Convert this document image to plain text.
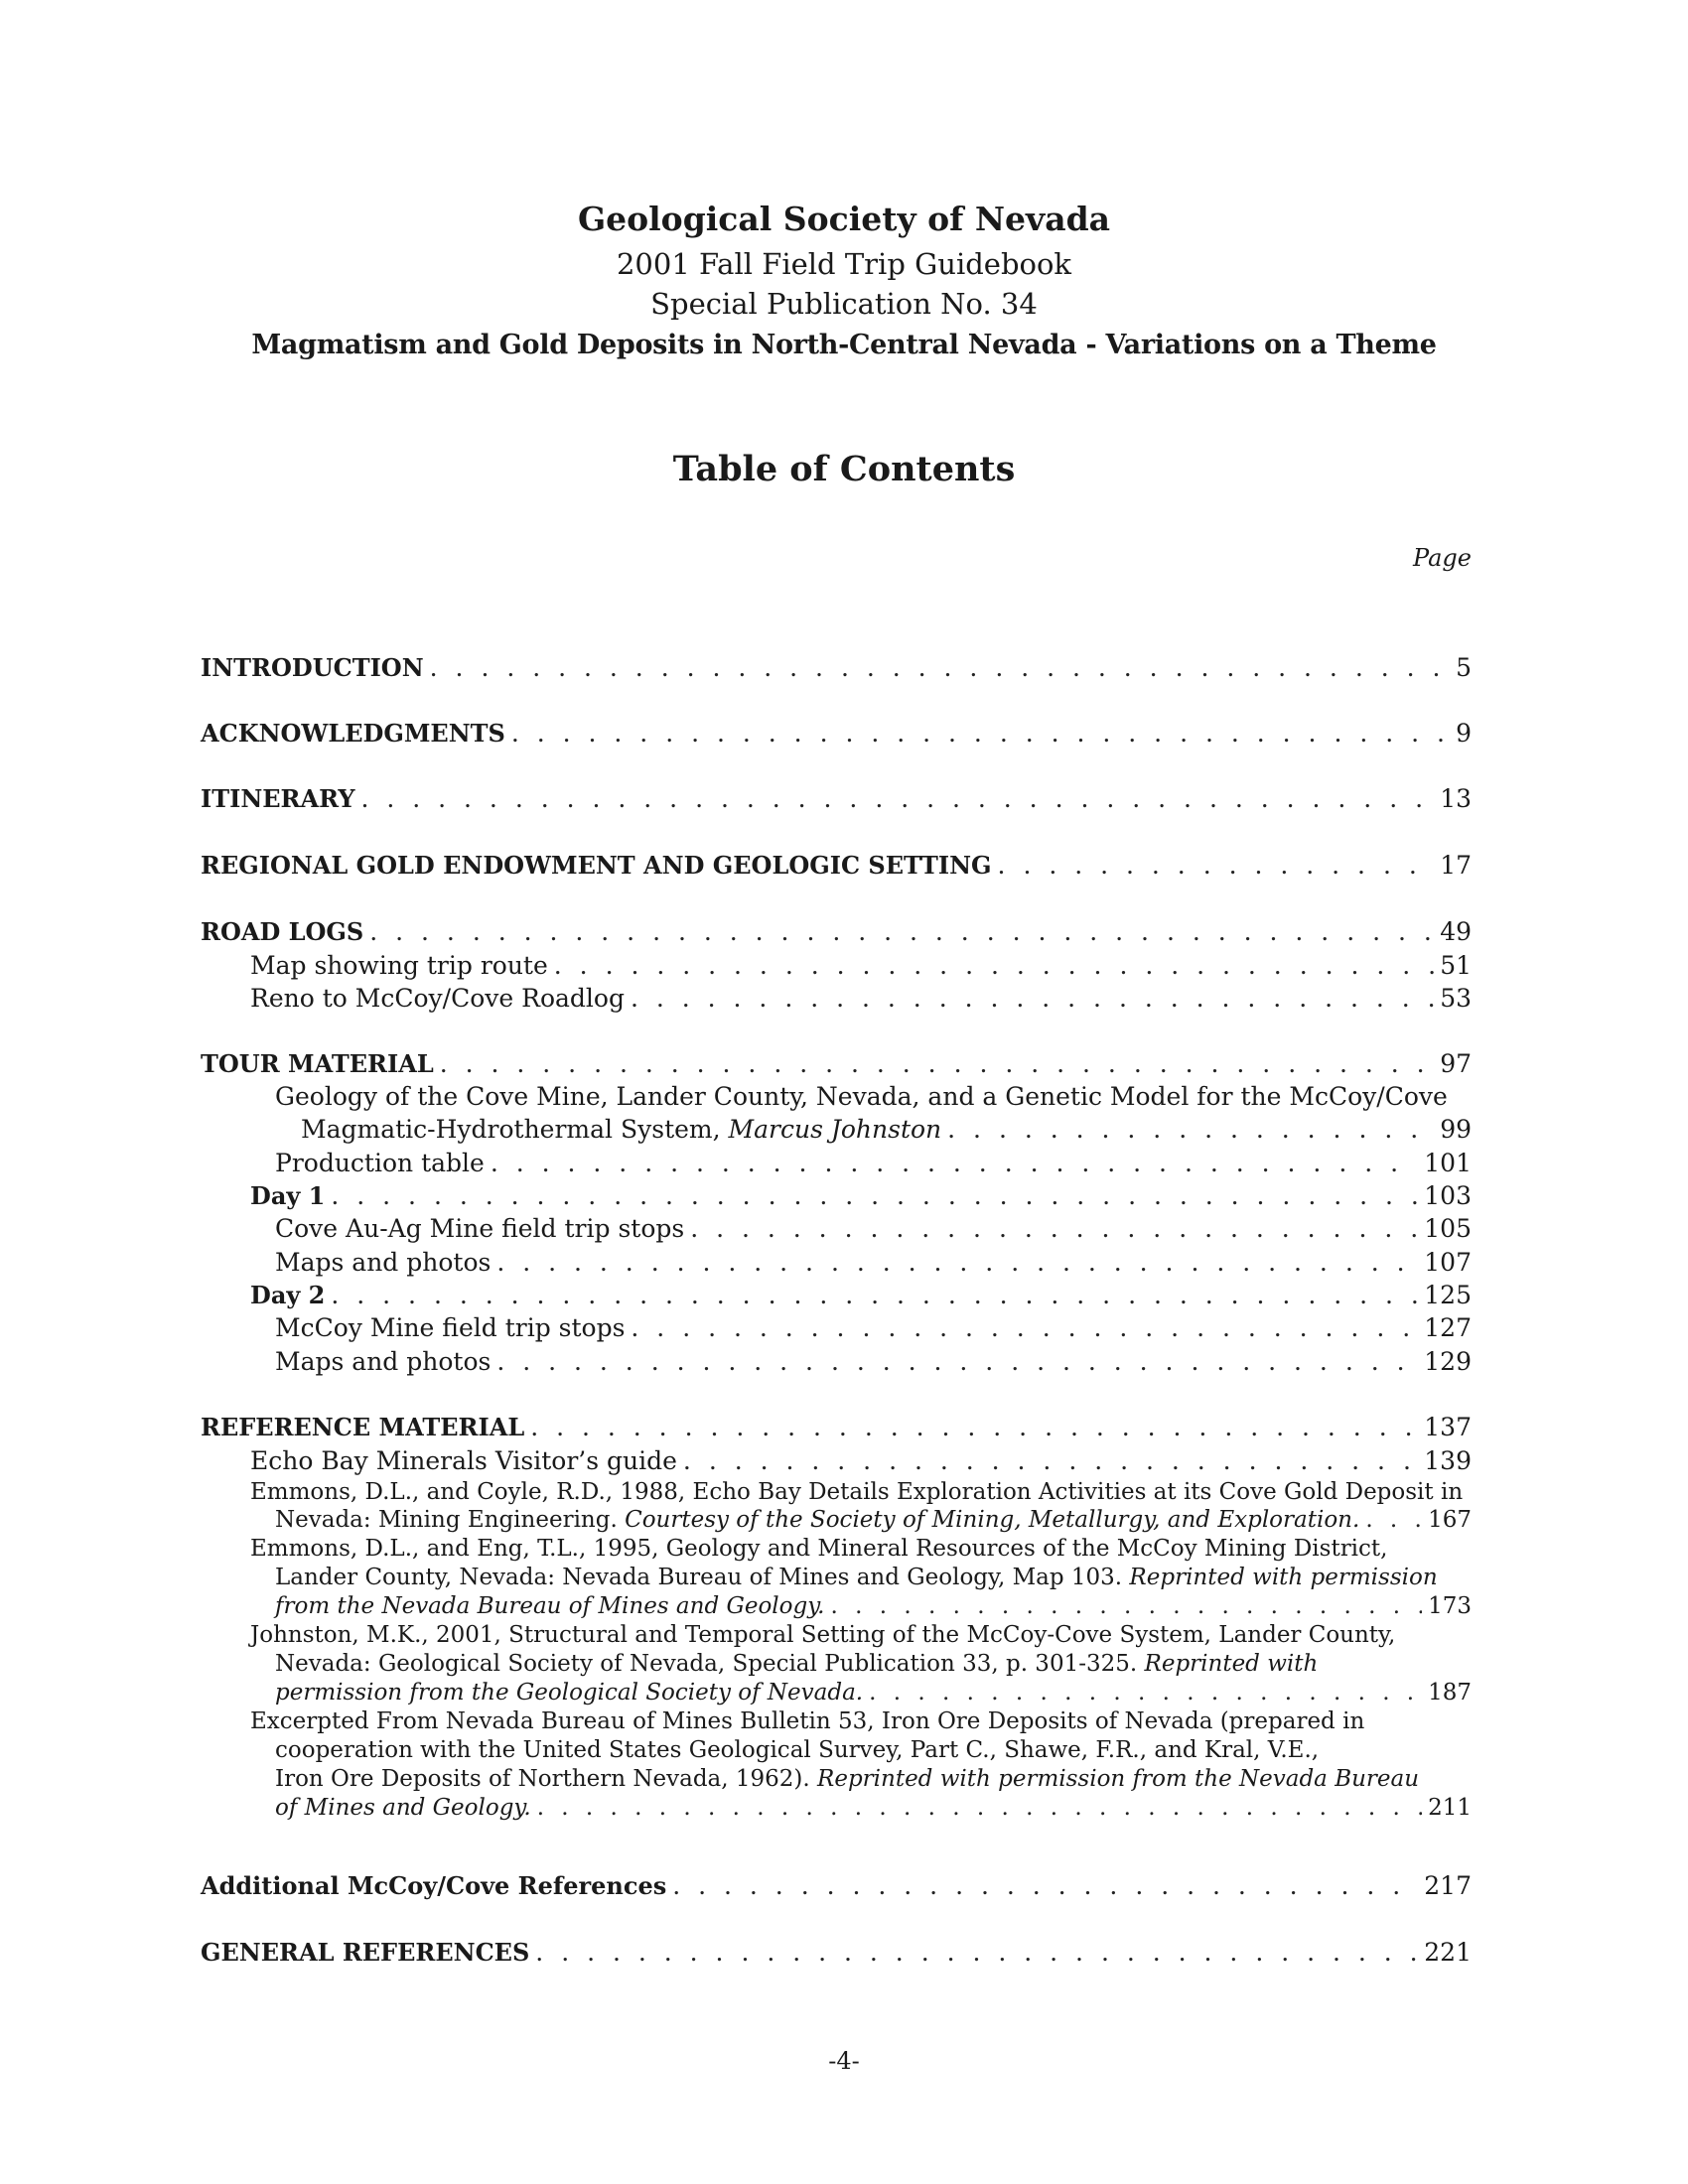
Geological Society of Nevada
2001 Fall Field Trip Guidebook
Special Publication No. 34
Magmatism and Gold Deposits in North-Central Nevada - Variations on a Theme
Table of Contents
Page
INTRODUCTION . . .	5
ACKNOWLEDGMENTS . . .	9
ITINERARY . . .	13
REGIONAL GOLD ENDOWMENT AND GEOLOGIC SETTING . . .	17
ROAD LOGS . . .	49
Map showing trip route . . .	51
Reno to McCoy/Cove Roadlog . . .	53
TOUR MATERIAL . . .	97
Geology of the Cove Mine, Lander County, Nevada, and a Genetic Model for the McCoy/Cove
Magmatic-Hydrothermal System, Marcus Johnston . . .	99
Production table . . .	101
Day 1 . . .	103
Cove Au-Ag Mine field trip stops . . .	105
Maps and photos . . .	107
Day 2 . . .	125
McCoy Mine field trip stops . . .	127
Maps and photos . . .	129
REFERENCE MATERIAL . . .	137
Echo Bay Minerals Visitor’s guide . . .	139
Emmons, D.L., and Coyle, R.D., 1988, Echo Bay Details Exploration Activities at its Cove Gold Deposit in
Nevada: Mining Engineering. Courtesy of the Society of Mining, Metallurgy, and Exploration. . . .	167
Emmons, D.L., and Eng, T.L., 1995, Geology and Mineral Resources of the McCoy Mining District,
Lander County, Nevada: Nevada Bureau of Mines and Geology, Map 103. Reprinted with permission
from the Nevada Bureau of Mines and Geology. . . .	173
Johnston, M.K., 2001, Structural and Temporal Setting of the McCoy-Cove System, Lander County,
Nevada: Geological Society of Nevada, Special Publication 33, p. 301-325. Reprinted with
permission from the Geological Society of Nevada. . . .	187
Excerpted From Nevada Bureau of Mines Bulletin 53, Iron Ore Deposits of Nevada (prepared in
cooperation with the United States Geological Survey, Part C., Shawe, F.R., and Kral, V.E.,
Iron Ore Deposits of Northern Nevada, 1962). Reprinted with permission from the Nevada Bureau
of Mines and Geology. . . .	211
Additional McCoy/Cove References . . .	217
GENERAL REFERENCES . . .	221
-4-
